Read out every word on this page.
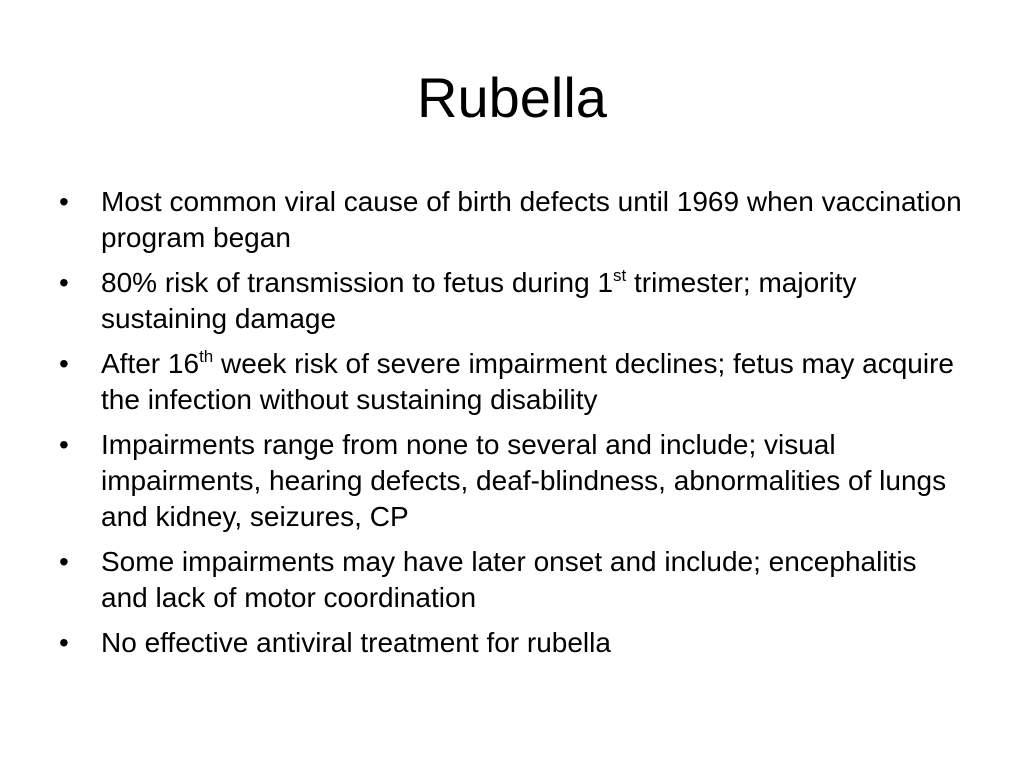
Rubella
•	Most common viral cause of birth defects until 1969 when vaccination program began
•	80% risk of transmission to fetus during 1st trimester; majority sustaining damage
•	After 16th week risk of severe impairment declines; fetus may acquire the infection without sustaining disability
•	Impairments range from none to several and include; visual impairments, hearing defects, deaf-blindness, abnormalities of lungs and kidney, seizures, CP
•	Some impairments may have later onset and include; encephalitis and lack of motor coordination
•	No effective antiviral treatment for rubella
